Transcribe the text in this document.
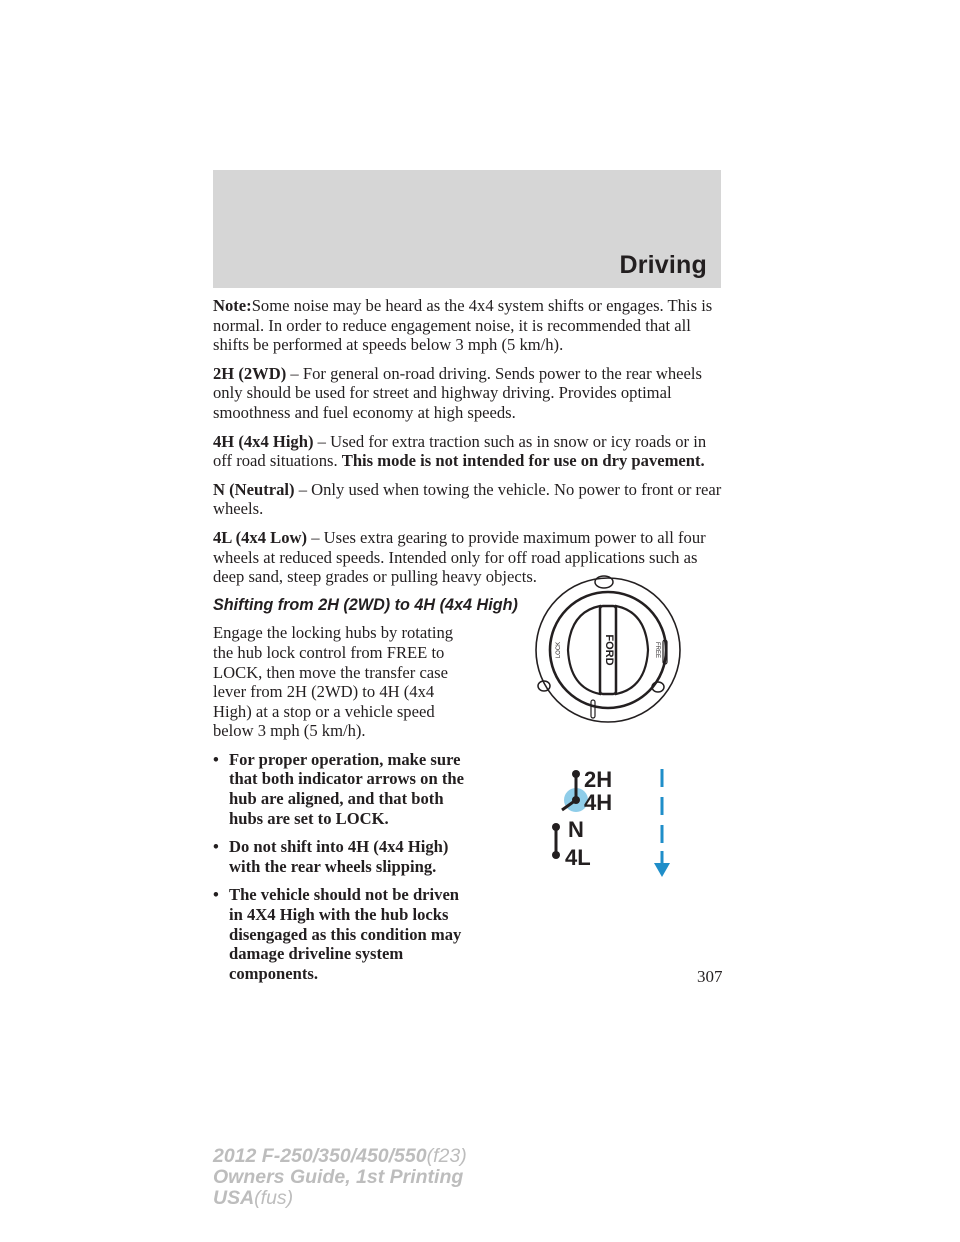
Driving

Note:Some noise may be heard as the 4x4 system shifts or engages. This is normal. In order to reduce engagement noise, it is recommended that all shifts be performed at speeds below 3 mph (5 km/h).

2H (2WD) – For general on-road driving. Sends power to the rear wheels only should be used for street and highway driving. Provides optimal smoothness and fuel economy at high speeds.

4H (4x4 High) – Used for extra traction such as in snow or icy roads or in off road situations. This mode is not intended for use on dry pavement.

N (Neutral) – Only used when towing the vehicle. No power to front or rear wheels.

4L (4x4 Low) – Uses extra gearing to provide maximum power to all four wheels at reduced speeds. Intended only for off road applications such as deep sand, steep grades or pulling heavy objects.

Shifting from 2H (2WD) to 4H (4x4 High)

Engage the locking hubs by rotating the hub lock control from FREE to LOCK, then move the transfer case lever from 2H (2WD) to 4H (4x4 High) at a stop or a vehicle speed below 3 mph (5 km/h).

• For proper operation, make sure that both indicator arrows on the hub are aligned, and that both hubs are set to LOCK.
• Do not shift into 4H (4x4 High) with the rear wheels slipping.
• The vehicle should not be driven in 4X4 High with the hub locks disengaged as this condition may damage driveline system components.
FORD
LOCK	FREE
2H
4H
N
4L
307
2012 F-250/350/450/550(f23)
Owners Guide, 1st Printing
USA(fus)
